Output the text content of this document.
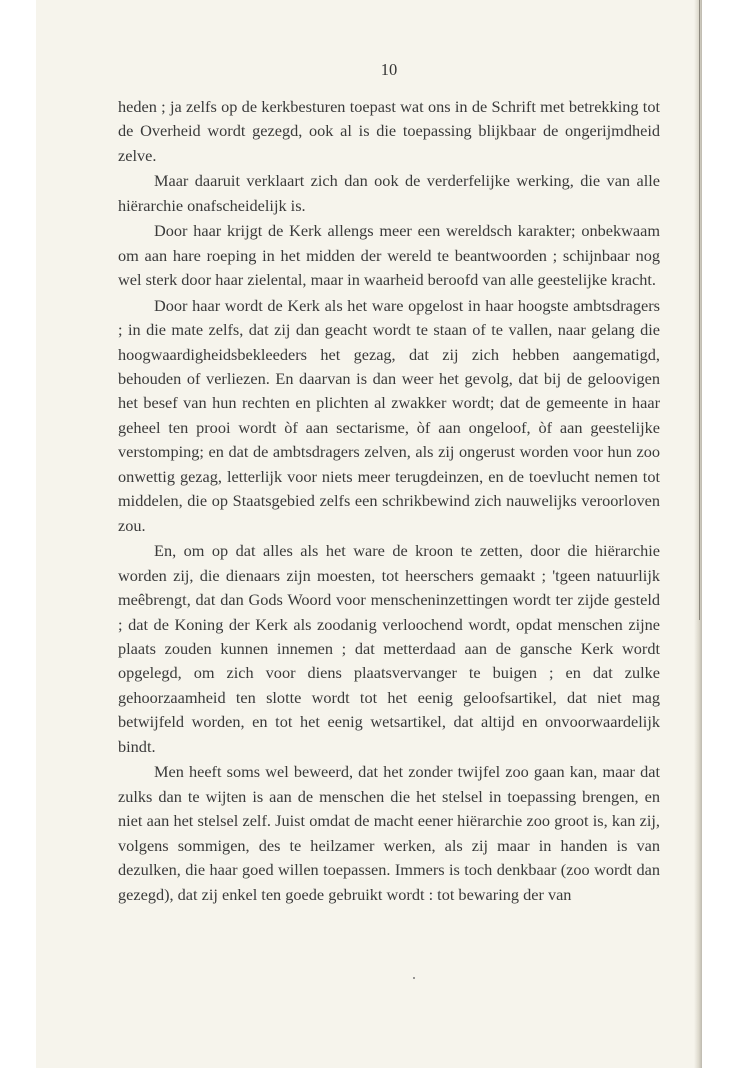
10

heden ; ja zelfs op de kerkbesturen toepast wat ons in de Schrift met betrekking tot de Overheid wordt gezegd, ook al is die toepassing blijkbaar de ongerijmdheid zelve.

Maar daaruit verklaart zich dan ook de verderfelijke werking, die van alle hiërarchie onafscheidelijk is.

Door haar krijgt de Kerk allengs meer een wereldsch karakter; onbekwaam om aan hare roeping in het midden der wereld te beantwoorden ; schijnbaar nog wel sterk door haar zielental, maar in waarheid beroofd van alle geestelijke kracht.

Door haar wordt de Kerk als het ware opgelost in haar hoogste ambtsdragers ; in die mate zelfs, dat zij dan geacht wordt te staan of te vallen, naar gelang die hoogwaardigheidsbekleeders het gezag, dat zij zich hebben aangematigd, behouden of verliezen. En daarvan is dan weer het gevolg, dat bij de geloovigen het besef van hun rechten en plichten al zwakker wordt; dat de gemeente in haar geheel ten prooi wordt òf aan sectarisme, òf aan ongeloof, òf aan geestelijke verstomping; en dat de ambtsdragers zelven, als zij ongerust worden voor hun zoo onwettig gezag, letterlijk voor niets meer terugdeinzen, en de toevlucht nemen tot middelen, die op Staatsgebied zelfs een schrikbewind zich nauwelijks veroorloven zou.

En, om op dat alles als het ware de kroon te zetten, door die hiërarchie worden zij, die dienaars zijn moesten, tot heerschers gemaakt ; 'tgeen natuurlijk meêbrengt, dat dan Gods Woord voor menscheninzettingen wordt ter zijde gesteld ; dat de Koning der Kerk als zoodanig verloochend wordt, opdat menschen zijne plaats zouden kunnen innemen ; dat metterdaad aan de gansche Kerk wordt opgelegd, om zich voor diens plaatsvervanger te buigen ; en dat zulke gehoorzaamheid ten slotte wordt tot het eenig geloofsartikel, dat niet mag betwijfeld worden, en tot het eenig wetsartikel, dat altijd en onvoorwaardelijk bindt.

Men heeft soms wel beweerd, dat het zonder twijfel zoo gaan kan, maar dat zulks dan te wijten is aan de menschen die het stelsel in toepassing brengen, en niet aan het stelsel zelf. Juist omdat de macht eener hiërarchie zoo groot is, kan zij, volgens sommigen, des te heilzamer werken, als zij maar in handen is van dezulken, die haar goed willen toepassen. Immers is toch denkbaar (zoo wordt dan gezegd), dat zij enkel ten goede gebruikt wordt : tot bewaring der van
